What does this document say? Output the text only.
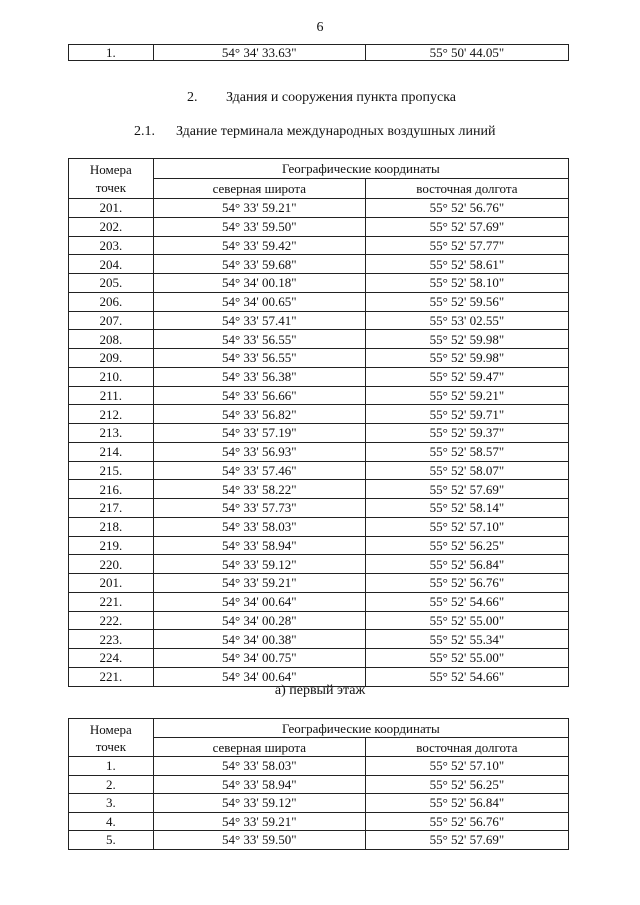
6
1.	54° 34' 33.63"	55° 50' 44.05"
2. Здания и сооружения пункта пропуска
2.1. Здание терминала международных воздушных линий
Номера
точек	Географические координаты	
	северная широта	восточная долгота
201.	54° 33' 59.21"	55° 52' 56.76"
202.	54° 33' 59.50"	55° 52' 57.69"
203.	54° 33' 59.42"	55° 52' 57.77"
204.	54° 33' 59.68"	55° 52' 58.61"
205.	54° 34' 00.18"	55° 52' 58.10"
206.	54° 34' 00.65"	55° 52' 59.56"
207.	54° 33' 57.41"	55° 53' 02.55"
208.	54° 33' 56.55"	55° 52' 59.98"
209.	54° 33' 56.55"	55° 52' 59.98"
210.	54° 33' 56.38"	55° 52' 59.47"
211.	54° 33' 56.66"	55° 52' 59.21"
212.	54° 33' 56.82"	55° 52' 59.71"
213.	54° 33' 57.19"	55° 52' 59.37"
214.	54° 33' 56.93"	55° 52' 58.57"
215.	54° 33' 57.46"	55° 52' 58.07"
216.	54° 33' 58.22"	55° 52' 57.69"
217.	54° 33' 57.73"	55° 52' 58.14"
218.	54° 33' 58.03"	55° 52' 57.10"
219.	54° 33' 58.94"	55° 52' 56.25"
220.	54° 33' 59.12"	55° 52' 56.84"
201.	54° 33' 59.21"	55° 52' 56.76"
221.	54° 34' 00.64"	55° 52' 54.66"
222.	54° 34' 00.28"	55° 52' 55.00"
223.	54° 34' 00.38"	55° 52' 55.34"
224.	54° 34' 00.75"	55° 52' 55.00"
221.	54° 34' 00.64"	55° 52' 54.66"
а) первый этаж
Номера
точек	Географические координаты	
	северная широта	восточная долгота
1.	54° 33' 58.03"	55° 52' 57.10"
2.	54° 33' 58.94"	55° 52' 56.25"
3.	54° 33' 59.12"	55° 52' 56.84"
4.	54° 33' 59.21"	55° 52' 56.76"
5.	54° 33' 59.50"	55° 52' 57.69"
